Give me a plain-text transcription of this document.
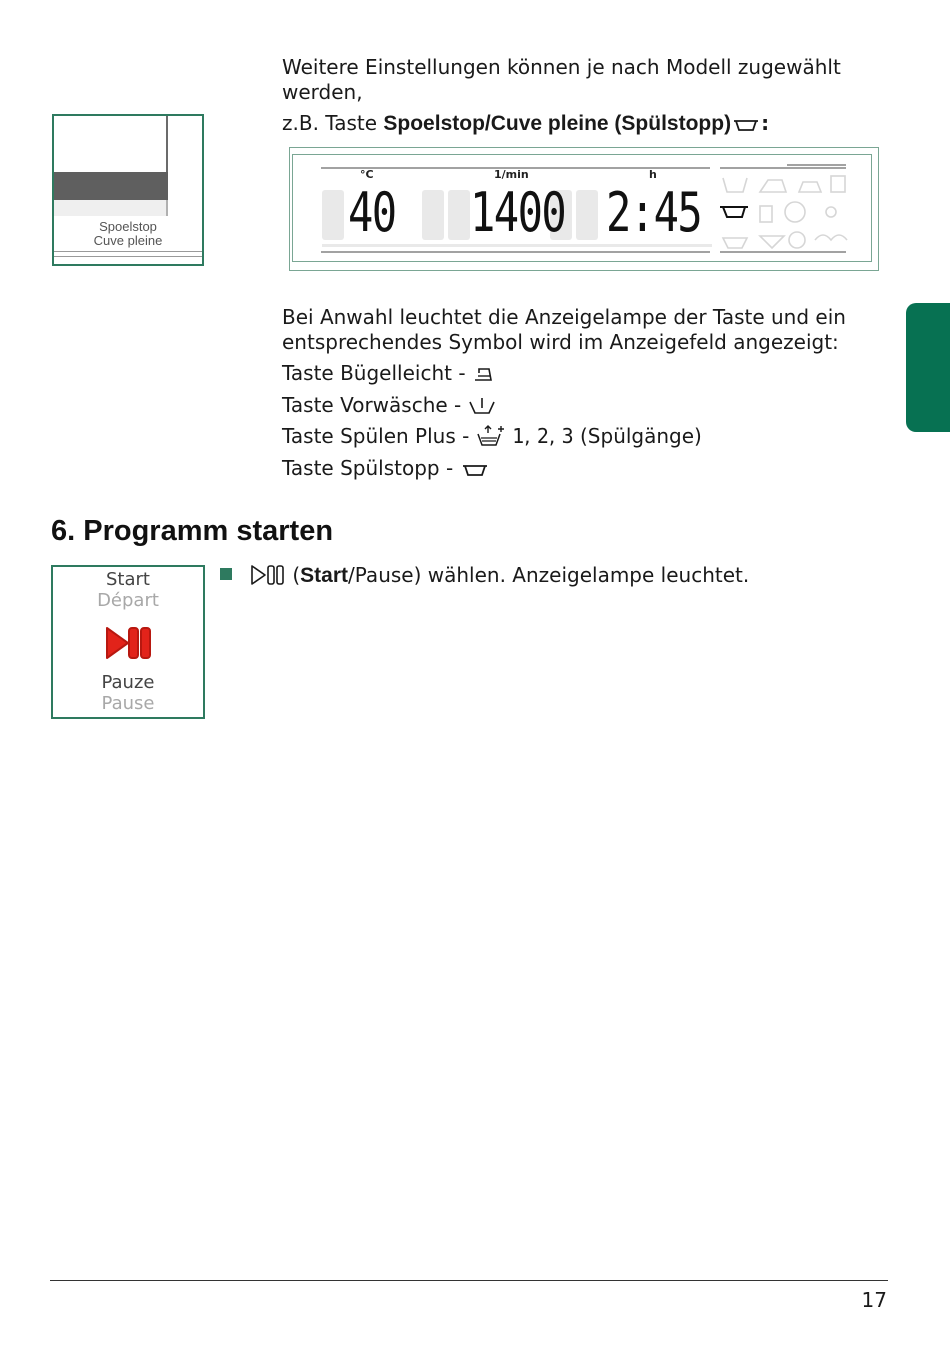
Weitere Einstellungen können je nach Modell zugewählt
werden,
z.B. Taste Spoelstop/Cuve pleine (Spülstopp) :
Spoelstop
Cuve pleine
°C	1/min	h
40 1400 2:45
Bei Anwahl leuchtet die Anzeigelampe der Taste und ein
entsprechendes Symbol wird im Anzeigefeld angezeigt:
Taste Bügelleicht -
Taste Vorwäsche -
Taste Spülen Plus -  1, 2, 3 (Spülgänge)
Taste Spülstopp -
6. Programm starten
Start
Départ
Pauze
Pause
(Start/Pause) wählen. Anzeigelampe leuchtet.
17
